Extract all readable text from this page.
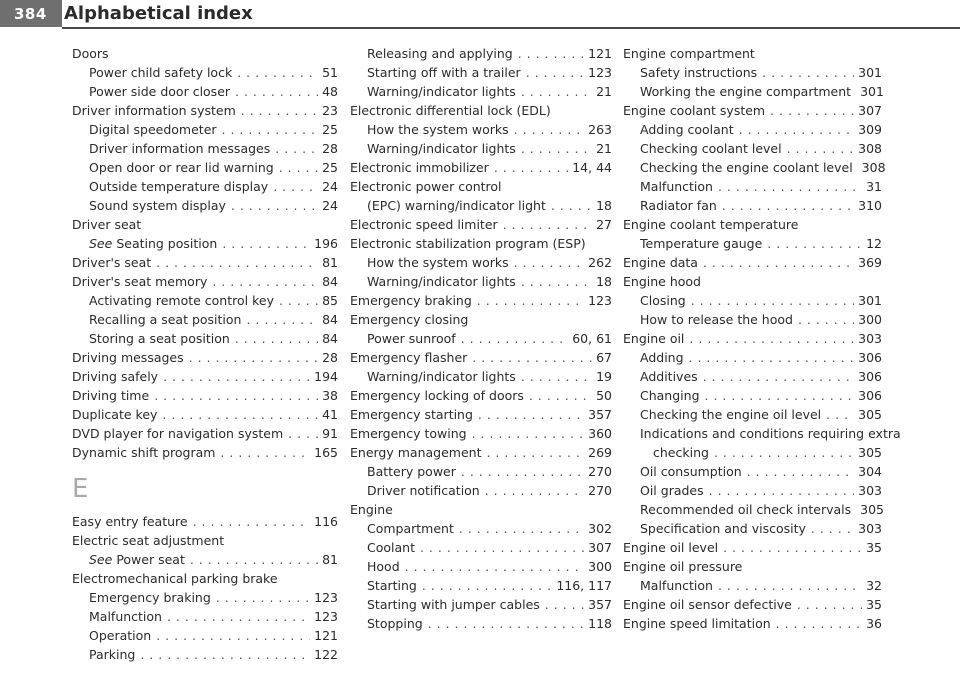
384 Alphabetical index
Doors
Power child safety lock . . .	51
Power side door closer . . .	48
Driver information system . . .	23
Digital speedometer . . .	25
Driver information messages . . .	28
Open door or rear lid warning . . .	25
Outside temperature display . . .	24
Sound system display . . .	24
Driver seat
See Seating position . . .	196
Driver's seat . . .	81
Driver's seat memory . . .	84
Activating remote control key . . .	85
Recalling a seat position . . .	84
Storing a seat position . . .	84
Driving messages . . .	28
Driving safely . . .	194
Driving time . . .	38
Duplicate key . . .	41
DVD player for navigation system . . .	91
Dynamic shift program . . .	165
E
Easy entry feature . . .	116
Electric seat adjustment
See Power seat . . .	81
Electromechanical parking brake
Emergency braking . . .	123
Malfunction . . .	123
Operation . . .	121
Parking . . .	122
Releasing and applying . . .	121
Starting off with a trailer . . .	123
Warning/indicator lights . . .	21
Electronic differential lock (EDL)
How the system works . . .	263
Warning/indicator lights . . .	21
Electronic immobilizer . . .	14, 44
Electronic power control
(EPC) warning/indicator light . . .	18
Electronic speed limiter . . .	27
Electronic stabilization program (ESP)
How the system works . . .	262
Warning/indicator lights . . .	18
Emergency braking . . .	123
Emergency closing
Power sunroof . . .	60, 61
Emergency flasher . . .	67
Warning/indicator lights . . .	19
Emergency locking of doors . . .	50
Emergency starting . . .	357
Emergency towing . . .	360
Energy management . . .	269
Battery power . . .	270
Driver notification . . .	270
Engine
Compartment . . .	302
Coolant . . .	307
Hood . . .	300
Starting . . .	116, 117
Starting with jumper cables . . .	357
Stopping . . .	118
Engine compartment
Safety instructions . . .	301
Working the engine compartment 301
Engine coolant system . . .	307
Adding coolant . . .	309
Checking coolant level . . .	308
Checking the engine coolant level 308
Malfunction . . .	31
Radiator fan . . .	310
Engine coolant temperature
Temperature gauge . . .	12
Engine data . . .	369
Engine hood
Closing . . .	301
How to release the hood . . .	300
Engine oil . . .	303
Adding . . .	306
Additives . . .	306
Changing . . .	306
Checking the engine oil level . . .	305
Indications and conditions requiring extra
checking . . .	305
Oil consumption . . .	304
Oil grades . . .	303
Recommended oil check intervals 305
Specification and viscosity . . .	303
Engine oil level . . .	35
Engine oil pressure
Malfunction . . .	32
Engine oil sensor defective . . .	35
Engine speed limitation . . .	36
